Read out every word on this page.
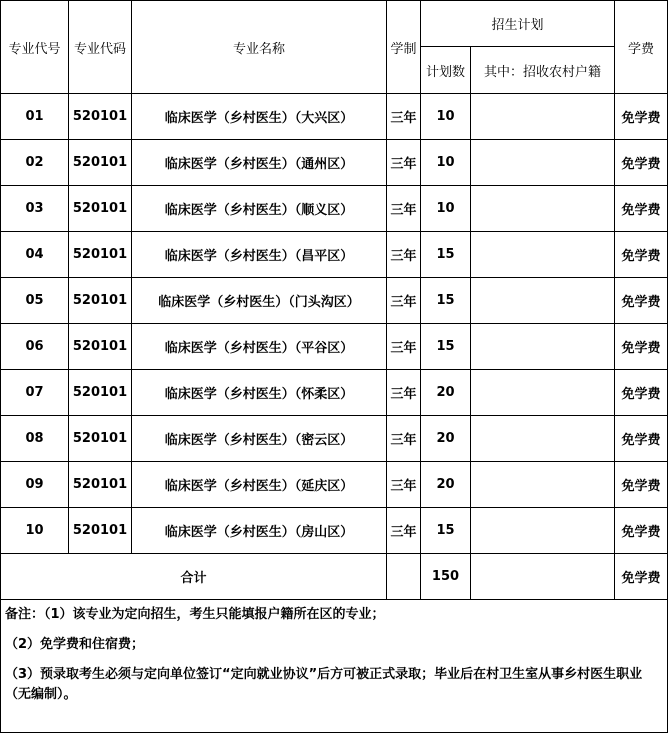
专业代号	专业代码	专业名称	学制	招生计划		学费
				计划数	其中：招收农村户籍	
01	520101	临床医学（乡村医生）（大兴区）	三年	10		免学费
02	520101	临床医学（乡村医生）（通州区）	三年	10		免学费
03	520101	临床医学（乡村医生）（顺义区）	三年	10		免学费
04	520101	临床医学（乡村医生）（昌平区）	三年	15		免学费
05	520101	临床医学（乡村医生）（门头沟区）	三年	15		免学费
06	520101	临床医学（乡村医生）（平谷区）	三年	15		免学费
07	520101	临床医学（乡村医生）（怀柔区）	三年	20		免学费
08	520101	临床医学（乡村医生）（密云区）	三年	20		免学费
09	520101	临床医学（乡村医生）（延庆区）	三年	20		免学费
10	520101	临床医学（乡村医生）（房山区）	三年	15		免学费
合计				150		免学费

备注：（1）该专业为定向招生，考生只能填报户籍所在区的专业；
（2）免学费和住宿费；
（3）预录取考生必须与定向单位签订“定向就业协议”后方可被正式录取；毕业后在村卫生室从事乡村医生职业（无编制）。						
